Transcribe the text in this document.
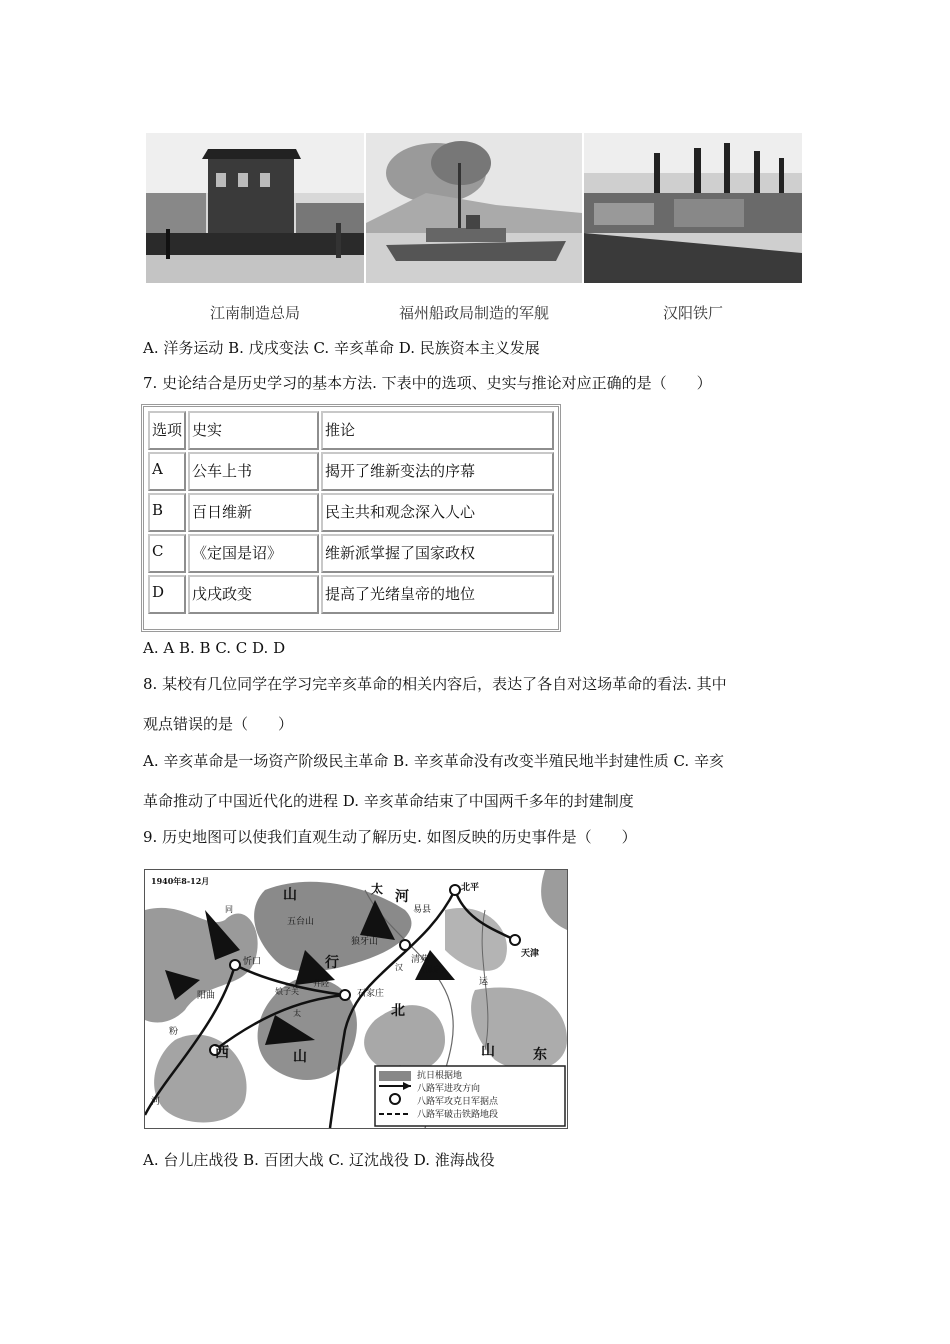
江南制造总局	福州船政局制造的军舰	汉阳铁厂
A. 洋务运动 B. 戊戌变法 C. 辛亥革命 D. 民族资本主义发展
7. 史论结合是历史学习的基本方法. 下表中的选项、史实与推论对应正确的是（　　）
选项	史实	推论
A	公车上书	揭开了维新变法的序幕
B	百日维新	民主共和观念深入人心
C	《定国是诏》	维新派掌握了国家政权
D	戊戌政变	提高了光绪皇帝的地位
A. A B. B C. C D. D
8. 某校有几位同学在学习完辛亥革命的相关内容后，表达了各自对这场革命的看法. 其中
观点错误的是（　　）
A. 辛亥革命是一场资产阶级民主革命 B. 辛亥革命没有改变半殖民地半封建性质 C. 辛亥
革命推动了中国近代化的进程 D. 辛亥革命结束了中国两千多年的封建制度
9. 历史地图可以使我们直观生动了解历史. 如图反映的历史事件是（　　）
1940年8-12月
山	太 河
北平
易县
五台山
狼牙山
行	清苑
忻口
汉 《保定》
天津
运
井陉
娘子关	石家庄
阳曲
北
太
粉
西	山	山	东
河
同
抗日根据地
八路军进攻方向
八路军攻克日军据点
八路军破击铁路地段
A. 台儿庄战役 B. 百团大战 C. 辽沈战役 D. 淮海战役
